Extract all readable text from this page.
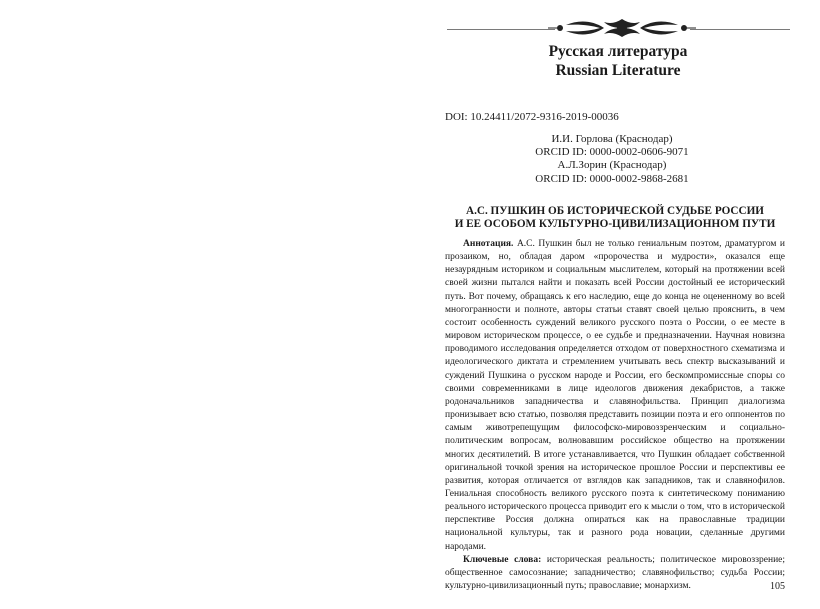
Русская литература
Russian Literature
DOI: 10.24411/2072-9316-2019-00036
И.И. Горлова (Краснодар)
ORCID ID: 0000-0002-0606-9071
А.Л.Зорин (Краснодар)
ORCID ID: 0000-0002-9868-2681
А.С. ПУШКИН ОБ ИСТОРИЧЕСКОЙ СУДЬБЕ РОССИИ
И ЕЕ ОСОБОМ КУЛЬТУРНО-ЦИВИЛИЗАЦИОННОМ ПУТИ

Аннотация. А.С. Пушкин был не только гениальным поэтом, драматургом и прозаиком, но, обладая даром «пророчества и мудрости», оказался еще незаурядным историком и социальным мыслителем, который на протяжении всей своей жизни пытался найти и показать всей России достойный ее исторический путь. Вот почему, обращаясь к его наследию, еще до конца не оцененному во всей многогранности и полноте, авторы статьи ставят своей целью прояснить, в чем состоит особенность суждений великого русского поэта о России, о ее месте в мировом историческом процессе, о ее судьбе и предназначении. Научная новизна проводимого исследования определяется отходом от поверхностного схематизма и идеологического диктата и стремлением учитывать весь спектр высказываний и суждений Пушкина о русском народе и России, его бескомпромиссные споры со своими современниками в лице идеологов движения декабристов, а также родоначальников западничества и славянофильства. Принцип диалогизма пронизывает всю статью, позволяя представить позиции поэта и его оппонентов по самым животрепещущим философско-мировоззренческим и социально-политическим вопросам, волновавшим российское общество на протяжении многих десятилетий. В итоге устанавливается, что Пушкин обладает собственной оригинальной точкой зрения на историческое прошлое России и перспективы ее развития, которая отличается от взглядов как западников, так и славянофилов. Гениальная способность великого русского поэта к синтетическому пониманию реального исторического процесса приводит его к мысли о том, что в исторической перспективе Россия должна опираться как на православные традиции национальной культуры, так и разного рода новации, сделанные другими народами.

Ключевые слова: историческая реальность; политическое мировоззрение; общественное самосознание; западничество; славянофильство; судьба России; культурно-цивилизационный путь; православие; монархизм.	105
